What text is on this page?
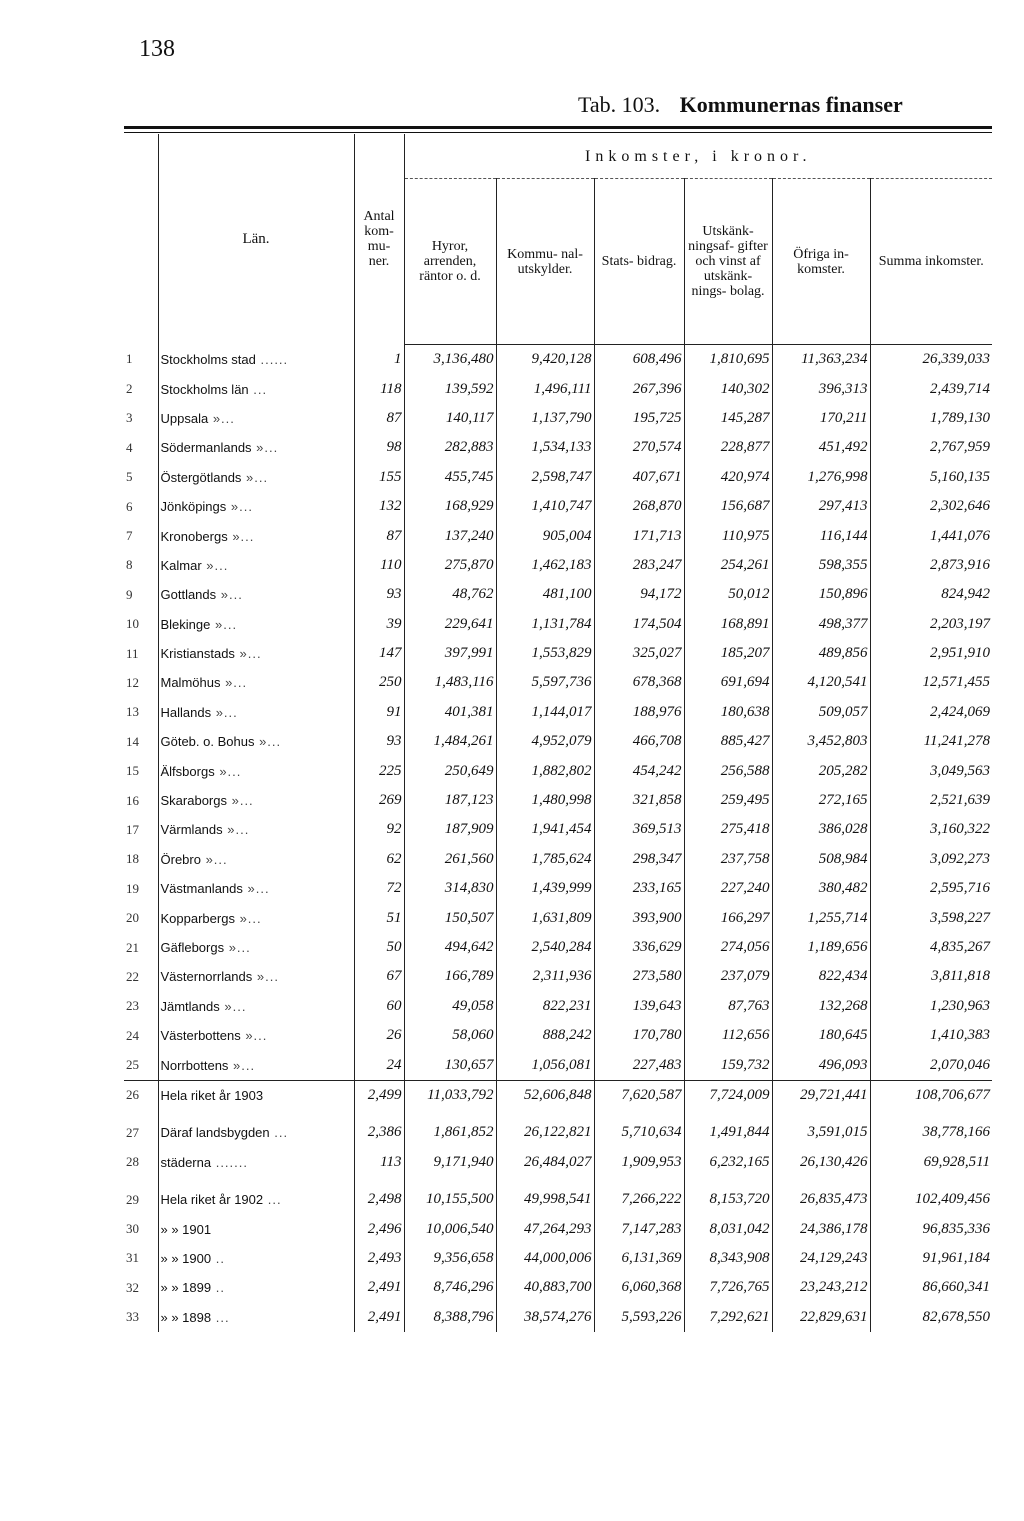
138
Tab. 103. Kommunernas finanser
	Län.	Antal kom- mu- ner.	Inkomster, i kronor.					
			Hyror, arrenden, räntor o. d.	Kommu- nal- utskylder.	Stats- bidrag.	Utskänk- ningsaf- gifter och vinst af utskänk- nings- bolag.	Öfriga in- komster.	Summa inkomster.
1	Stockholms stad ......	1	3,136,480	9,420,128	608,496	1,810,695	11,363,234	26,339,033
2	Stockholms län ...	118	139,592	1,496,111	267,396	140,302	396,313	2,439,714
3	Uppsala »...	87	140,117	1,137,790	195,725	145,287	170,211	1,789,130
4	Södermanlands »...	98	282,883	1,534,133	270,574	228,877	451,492	2,767,959
5	Östergötlands »...	155	455,745	2,598,747	407,671	420,974	1,276,998	5,160,135
6	Jönköpings »...	132	168,929	1,410,747	268,870	156,687	297,413	2,302,646
7	Kronobergs »...	87	137,240	905,004	171,713	110,975	116,144	1,441,076
8	Kalmar »...	110	275,870	1,462,183	283,247	254,261	598,355	2,873,916
9	Gottlands »...	93	48,762	481,100	94,172	50,012	150,896	824,942
10	Blekinge »...	39	229,641	1,131,784	174,504	168,891	498,377	2,203,197
11	Kristianstads »...	147	397,991	1,553,829	325,027	185,207	489,856	2,951,910
12	Malmöhus »...	250	1,483,116	5,597,736	678,368	691,694	4,120,541	12,571,455
13	Hallands »...	91	401,381	1,144,017	188,976	180,638	509,057	2,424,069
14	Göteb. o. Bohus »...	93	1,484,261	4,952,079	466,708	885,427	3,452,803	11,241,278
15	Älfsborgs »...	225	250,649	1,882,802	454,242	256,588	205,282	3,049,563
16	Skaraborgs »...	269	187,123	1,480,998	321,858	259,495	272,165	2,521,639
17	Värmlands »...	92	187,909	1,941,454	369,513	275,418	386,028	3,160,322
18	Örebro »...	62	261,560	1,785,624	298,347	237,758	508,984	3,092,273
19	Västmanlands »...	72	314,830	1,439,999	233,165	227,240	380,482	2,595,716
20	Kopparbergs »...	51	150,507	1,631,809	393,900	166,297	1,255,714	3,598,227
21	Gäfleborgs »...	50	494,642	2,540,284	336,629	274,056	1,189,656	4,835,267
22	Västernorrlands »...	67	166,789	2,311,936	273,580	237,079	822,434	3,811,818
23	Jämtlands »...	60	49,058	822,231	139,643	87,763	132,268	1,230,963
24	Västerbottens »...	26	58,060	888,242	170,780	112,656	180,645	1,410,383
25	Norrbottens »...	24	130,657	1,056,081	227,483	159,732	496,093	2,070,046
26	Hela riket år 1903	2,499	11,033,792	52,606,848	7,620,587	7,724,009	29,721,441	108,706,677

27	Däraf landsbygden ...	2,386	1,861,852	26,122,821	5,710,634	1,491,844	3,591,015	38,778,166
28	städerna .......	113	9,171,940	26,484,027	1,909,953	6,232,165	26,130,426	69,928,511

29	Hela riket år 1902 ...	2,498	10,155,500	49,998,541	7,266,222	8,153,720	26,835,473	102,409,456
30	» » 1901	2,496	10,006,540	47,264,293	7,147,283	8,031,042	24,386,178	96,835,336
31	» » 1900 ..	2,493	9,356,658	44,000,006	6,131,369	8,343,908	24,129,243	91,961,184
32	» » 1899 ..	2,491	8,746,296	40,883,700	6,060,368	7,726,765	23,243,212	86,660,341
33	» » 1898 ...	2,491	8,388,796	38,574,276	5,593,226	7,292,621	22,829,631	82,678,550
